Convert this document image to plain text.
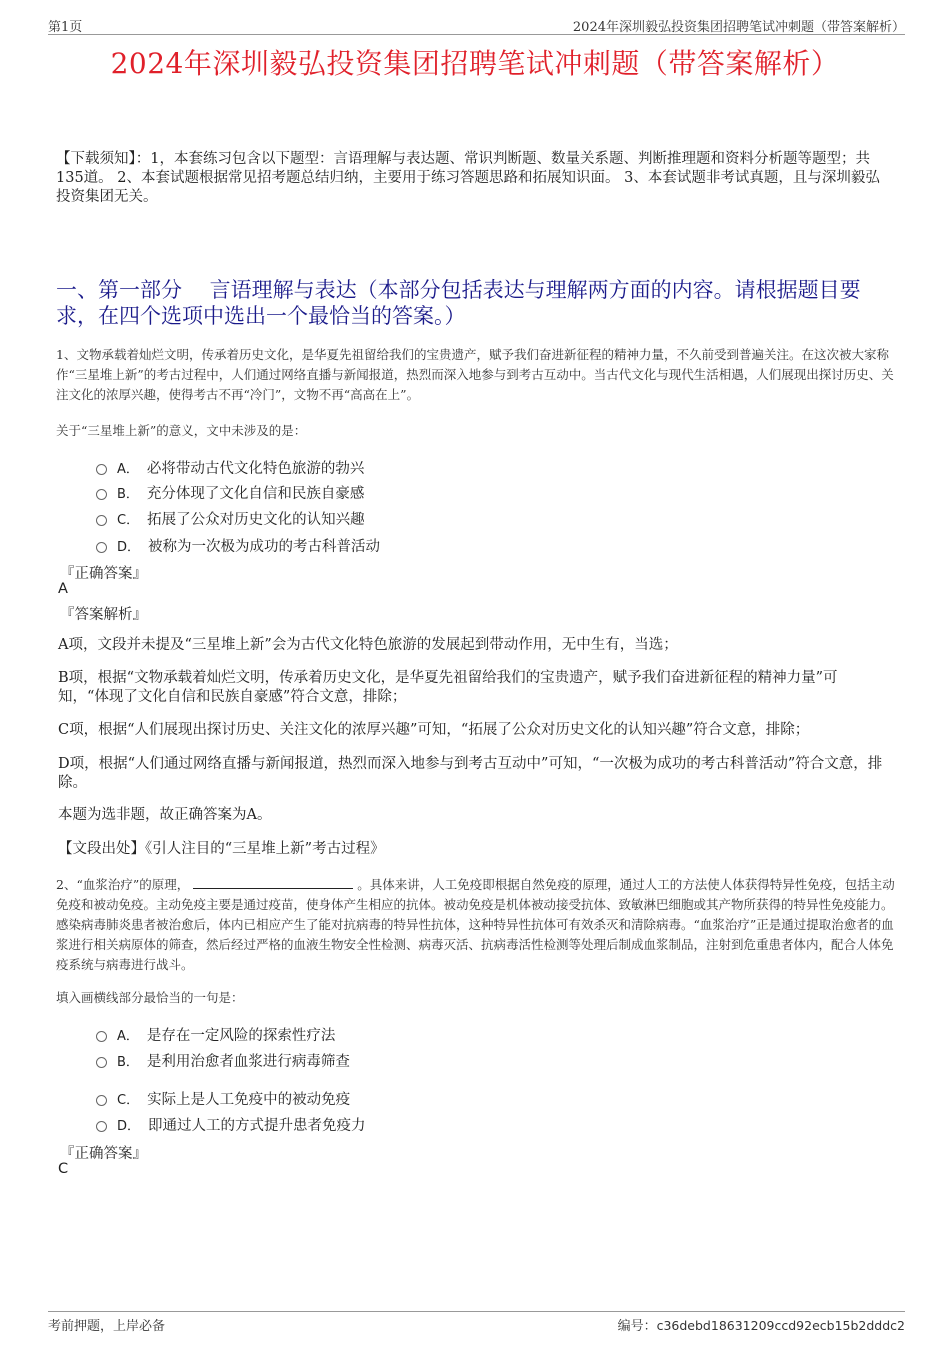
第1页	2024年深圳毅弘投资集团招聘笔试冲刺题（带答案解析）
2024年深圳毅弘投资集团招聘笔试冲刺题（带答案解析）
【下载须知】：1，本套练习包含以下题型：言语理解与表达题、常识判断题、数量关系题、判断推理题和资料分析题等题型；共135道。 2、本套试题根据常见招考题总结归纳，主要用于练习答题思路和拓展知识面。 3、本套试题非考试真题，且与深圳毅弘投资集团无关。
一、第一部分　 言语理解与表达（本部分包括表达与理解两方面的内容。请根据题目要求，在四个选项中选出一个最恰当的答案。）
1、文物承载着灿烂文明，传承着历史文化，是华夏先祖留给我们的宝贵遗产，赋予我们奋进新征程的精神力量，不久前受到普遍关注。在这次被大家称作“三星堆上新”的考古过程中，人们通过网络直播与新闻报道，热烈而深入地参与到考古互动中。当古代文化与现代生活相遇，人们展现出探讨历史、关注文化的浓厚兴趣，使得考古不再“冷门”，文物不再“高高在上”。
关于“三星堆上新”的意义，文中未涉及的是：
A． 必将带动古代文化特色旅游的勃兴
B． 充分体现了文化自信和民族自豪感
C． 拓展了公众对历史文化的认知兴趣
D． 被称为一次极为成功的考古科普活动
『正确答案』
A
『答案解析』
A项，文段并未提及“三星堆上新”会为古代文化特色旅游的发展起到带动作用，无中生有，当选；
B项，根据“文物承载着灿烂文明，传承着历史文化，是华夏先祖留给我们的宝贵遗产，赋予我们奋进新征程的精神力量”可知，“体现了文化自信和民族自豪感”符合文意，排除；
C项，根据“人们展现出探讨历史、关注文化的浓厚兴趣”可知，“拓展了公众对历史文化的认知兴趣”符合文意，排除；
D项，根据“人们通过网络直播与新闻报道，热烈而深入地参与到考古互动中”可知，“一次极为成功的考古科普活动”符合文意，排除。
本题为选非题，故正确答案为A。
【文段出处】《引人注目的“三星堆上新”考古过程》
2、“血浆治疗”的原理，	。具体来讲，人工免疫即根据自然免疫的原理，通过人工的方法使人体获得特异性免疫，包括主动免疫和被动免疫。主动免疫主要是通过疫苗，使身体产生相应的抗体。被动免疫是机体被动接受抗体、致敏淋巴细胞或其产物所获得的特异性免疫能力。感染病毒肺炎患者被治愈后，体内已相应产生了能对抗病毒的特异性抗体，这种特异性抗体可有效杀灭和清除病毒。“血浆治疗”正是通过提取治愈者的血浆进行相关病原体的筛查，然后经过严格的血液生物安全性检测、病毒灭活、抗病毒活性检测等处理后制成血浆制品，注射到危重患者体内，配合人体免疫系统与病毒进行战斗。
填入画横线部分最恰当的一句是：
A． 是存在一定风险的探索性疗法
B． 是利用治愈者血浆进行病毒筛查
C． 实际上是人工免疫中的被动免疫
D． 即通过人工的方式提升患者免疫力
『正确答案』
C
考前押题，上岸必备	编号：c36debd18631209ccd92ecb15b2dddc2
